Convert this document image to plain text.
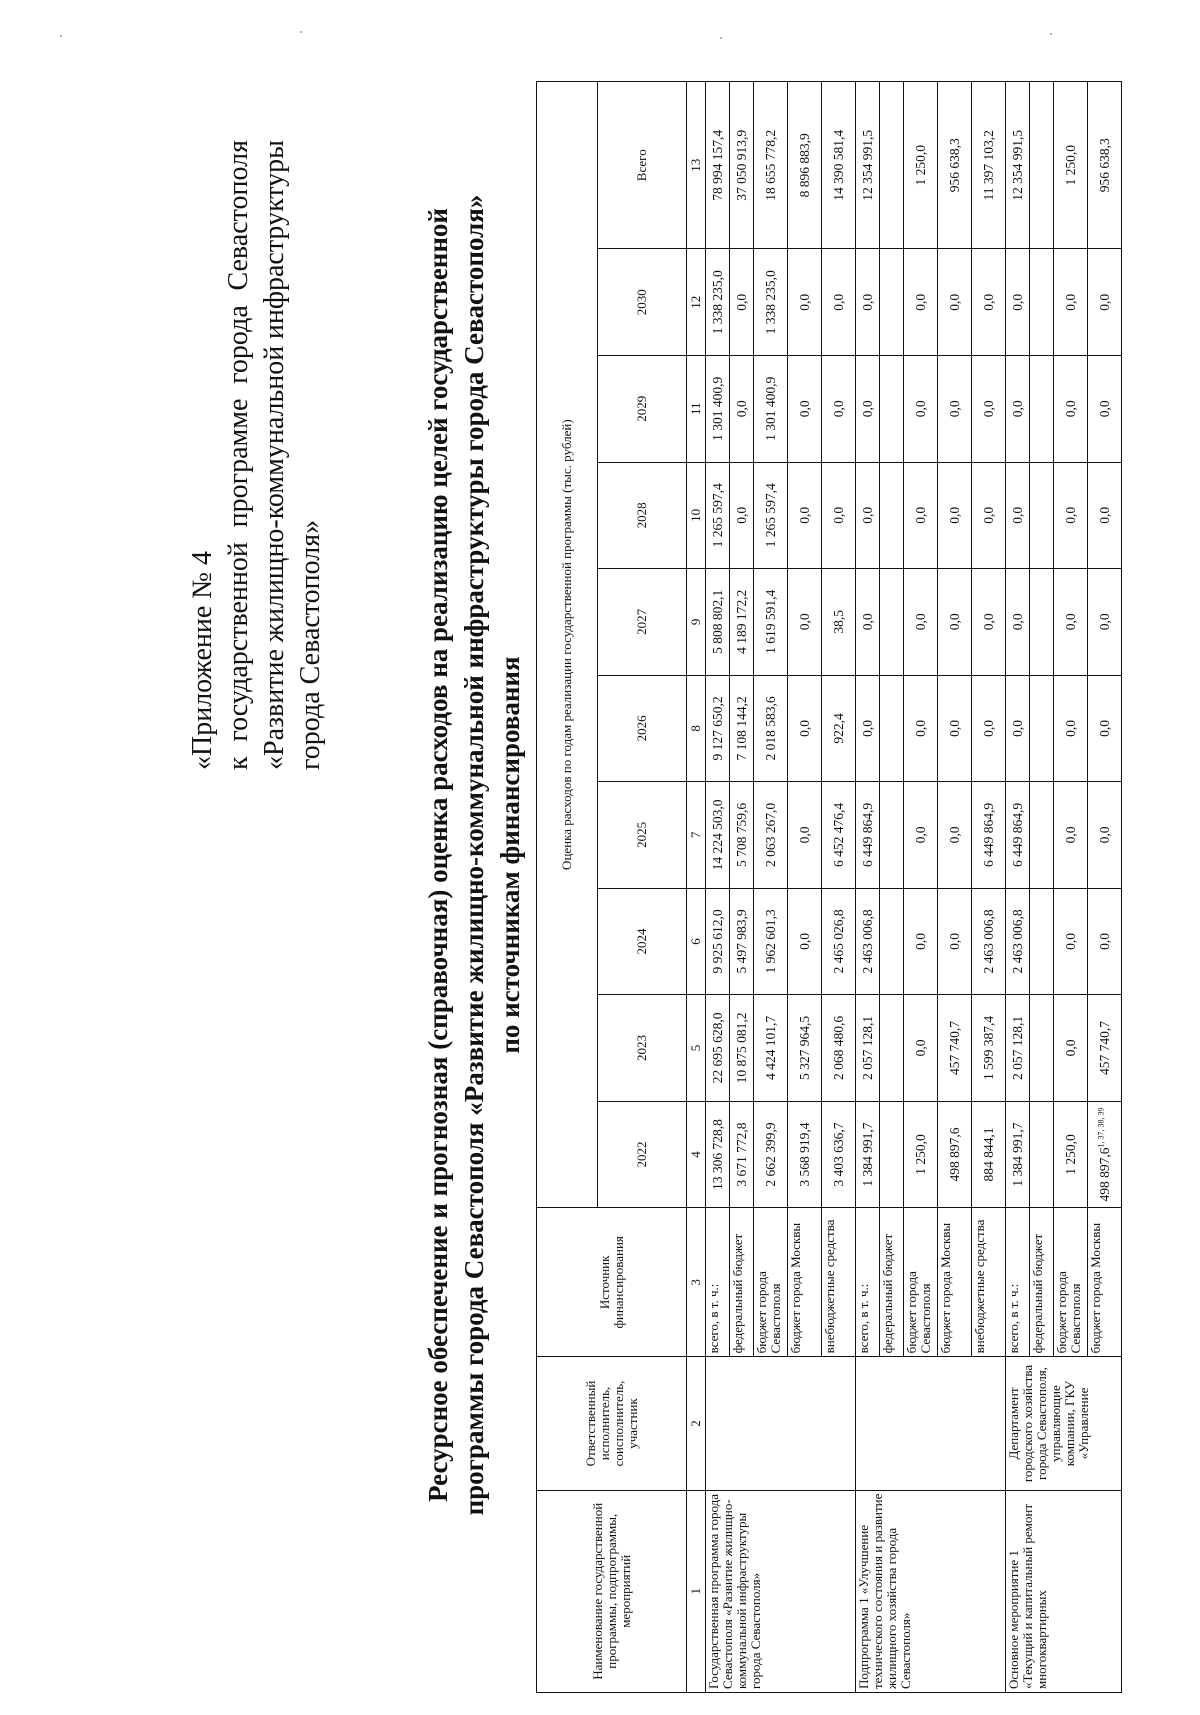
«Приложение № 4 к
государственной
программе
города
Севастополя
«Развитие
жилищно-коммунальной
инфраструктуры
города Севастополя»	Ресурсное обеспечение и прогнозная (справочная) оценка расходов на реализацию целей государственной программы города Севастополя «Развитие жилищно-коммунальной инфраструктуры города Севастополя» по источникам финансирования
Наименование государственной программы, подпрограммы, мероприятий	Ответственный исполнитель, соисполнитель, участник	Источник финансирования	Оценка расходов по годам реализации государственной программы (тыс. рублей)									
			2022	2023	2024	2025	2026	2027	2028	2029	2030	Всего
1	2	3	4	5	6	7	8	9	10	11	12	13
Государственная программа города Севастополя «Развитие жилищно-коммунальной инфраструктуры города Севастополя»		всего, в т. ч.:	13 306 728,8	22 695 628,0	9 925 612,0	14 224 503,0	9 127 650,2	5 808 802,1	1 265 597,4	1 301 400,9	1 338 235,0	78 994 157,4
		федеральный бюджет	3 671 772,8	10 875 081,2	5 497 983,9	5 708 759,6	7 108 144,2	4 189 172,2	0,0	0,0	0,0	37 050 913,9
		бюджет города Севастополя	2 662 399,9	4 424 101,7	1 962 601,3	2 063 267,0	2 018 583,6	1 619 591,4	1 265 597,4	1 301 400,9	1 338 235,0	18 655 778,2
		бюджет города Москвы	3 568 919,4	5 327 964,5	0,0	0,0	0,0	0,0	0,0	0,0	0,0	8 896 883,9
		внебюджетные средства	3 403 636,7	2 068 480,6	2 465 026,8	6 452 476,4	922,4	38,5	0,0	0,0	0,0	14 390 581,4
Подпрограмма 1 «Улучшение технического состояния и развитие жилищного хозяйства города Севастополя»		всего, в т. ч.:	1 384 991,7	2 057 128,1	2 463 006,8	6 449 864,9	0,0	0,0	0,0	0,0	0,0	12 354 991,5
		федеральный бюджет										
		бюджет города Севастополя	1 250,0	0,0	0,0	0,0	0,0	0,0	0,0	0,0	0,0	1 250,0
		бюджет города Москвы	498 897,6	457 740,7	0,0	0,0	0,0	0,0	0,0	0,0	0,0	956 638,3
		внебюджетные средства	884 844,1	1 599 387,4	2 463 006,8	6 449 864,9	0,0	0,0	0,0	0,0	0,0	11 397 103,2
Основное мероприятие 1 «Текущий и капитальный ремонт многоквартирных	Департамент городского хозяйства города Севастополя, управляющие компании, ГКУ «Управление	всего, в т. ч.:	1 384 991,7	2 057 128,1	2 463 006,8	6 449 864,9	0,0	0,0	0,0	0,0	0,0	12 354 991,5
		федеральный бюджет										
		бюджет города Севастополя	1 250,0	0,0	0,0	0,0	0,0	0,0	0,0	0,0	0,0	1 250,0
		бюджет города Москвы	498 897,6$^{1, 37, 38, 39}$	457 740,7	0,0	0,0	0,0	0,0	0,0	0,0	0,0	956 638,3
